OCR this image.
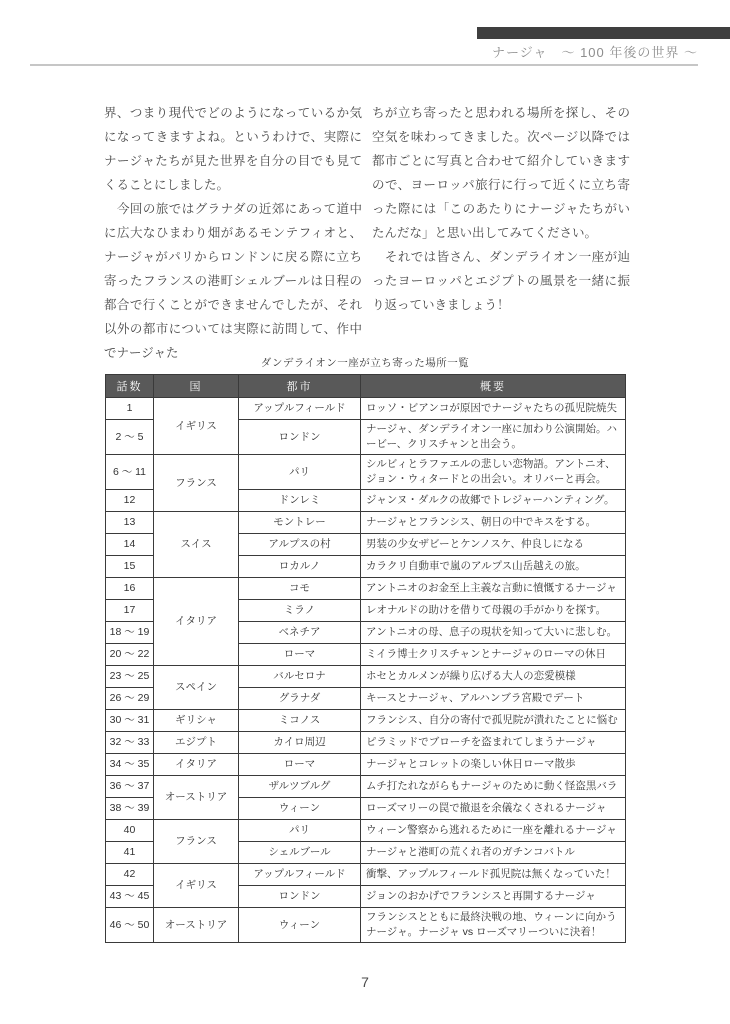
ナージャ　〜 100 年後の世界 〜

界、つまり現代でどのようになっているか気になってきますよね。というわけで、実際にナージャたちが見た世界を自分の目でも見てくることにしました。

　今回の旅ではグラナダの近郊にあって道中に広大なひまわり畑があるモンテフィオと、ナージャがパリからロンドンに戻る際に立ち寄ったフランスの港町シェルブールは日程の都合で行くことができませんでしたが、それ以外の都市については実際に訪問して、作中でナージャた

ちが立ち寄ったと思われる場所を探し、その空気を味わってきました。次ページ以降では都市ごとに写真と合わせて紹介していきますので、ヨーロッパ旅行に行って近くに立ち寄った際には「このあたりにナージャたちがいたんだな」と思い出してみてください。

　それでは皆さん、ダンデライオン一座が辿ったヨーロッパとエジプトの風景を一緒に振り返っていきましょう！

ダンデライオン一座が立ち寄った場所一覧
話数	国	都市	概要
1	イギリス	アップルフィールド	ロッソ・ビアンコが原因でナージャたちの孤児院焼失
2 〜 5		ロンドン	ナージャ、ダンデライオン一座に加わり公演開始。ハービー、クリスチャンと出会う。
6 〜 11	フランス	パリ	シルビィとラファエルの悲しい恋物語。アントニオ、ジョン・ウィタードとの出会い。オリバーと再会。
12		ドンレミ	ジャンヌ・ダルクの故郷でトレジャーハンティング。
13	スイス	モントレー	ナージャとフランシス、朝日の中でキスをする。
14		アルプスの村	男装の少女ザビーとケンノスケ、仲良しになる
15		ロカルノ	カラクリ自動車で嵐のアルプス山岳越えの旅。
16	イタリア	コモ	アントニオのお金至上主義な言動に憤慨するナージャ
17		ミラノ	レオナルドの助けを借りて母親の手がかりを探す。
18 〜 19		ベネチア	アントニオの母、息子の現状を知って大いに悲しむ。
20 〜 22		ローマ	ミイラ博士クリスチャンとナージャのローマの休日
23 〜 25	スペイン	バルセロナ	ホセとカルメンが繰り広げる大人の恋愛模様
26 〜 29		グラナダ	キースとナージャ、アルハンブラ宮殿でデート
30 〜 31	ギリシャ	ミコノス	フランシス、自分の寄付で孤児院が潰れたことに悩む
32 〜 33	エジプト	カイロ周辺	ピラミッドでブローチを盗まれてしまうナージャ
34 〜 35	イタリア	ローマ	ナージャとコレットの楽しい休日ローマ散歩
36 〜 37	オーストリア	ザルツブルグ	ムチ打たれながらもナージャのために動く怪盗黒バラ
38 〜 39		ウィーン	ローズマリーの罠で撤退を余儀なくされるナージャ
40	フランス	パリ	ウィーン警察から逃れるために一座を離れるナージャ
41		シェルブール	ナージャと港町の荒くれ者のガチンコバトル
42	イギリス	アップルフィールド	衝撃、アップルフィールド孤児院は無くなっていた！
43 〜 45		ロンドン	ジョンのおかげでフランシスと再開するナージャ
46 〜 50	オーストリア	ウィーン	フランシスとともに最終決戦の地、ウィーンに向かうナージャ。ナージャ vs ローズマリーついに決着！
7
